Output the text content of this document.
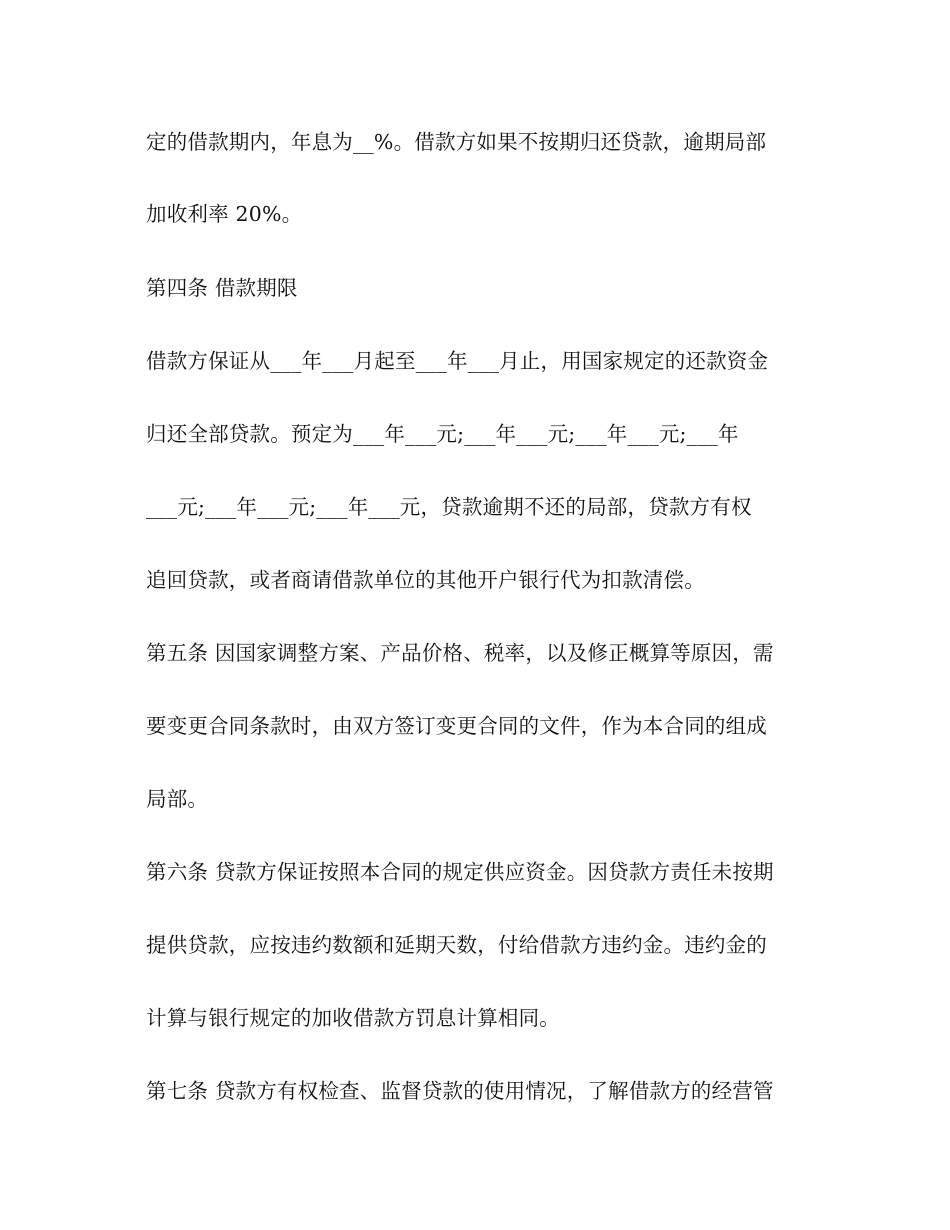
定的借款期内，年息为__%。借款方如果不按期归还贷款，逾期局部
加收利率 20%。
第四条 借款期限
借款方保证从___年___月起至___年___月止，用国家规定的还款资金
归还全部贷款。预定为___年___元;___年___元;___年___元;___年
___元;___年___元;___年___元，贷款逾期不还的局部，贷款方有权
追回贷款，或者商请借款单位的其他开户银行代为扣款清偿。
第五条 因国家调整方案、产品价格、税率，以及修正概算等原因，需
要变更合同条款时，由双方签订变更合同的文件，作为本合同的组成
局部。
第六条 贷款方保证按照本合同的规定供应资金。因贷款方责任未按期
提供贷款，应按违约数额和延期天数，付给借款方违约金。违约金的
计算与银行规定的加收借款方罚息计算相同。
第七条 贷款方有权检查、监督贷款的使用情况，了解借款方的经营管
